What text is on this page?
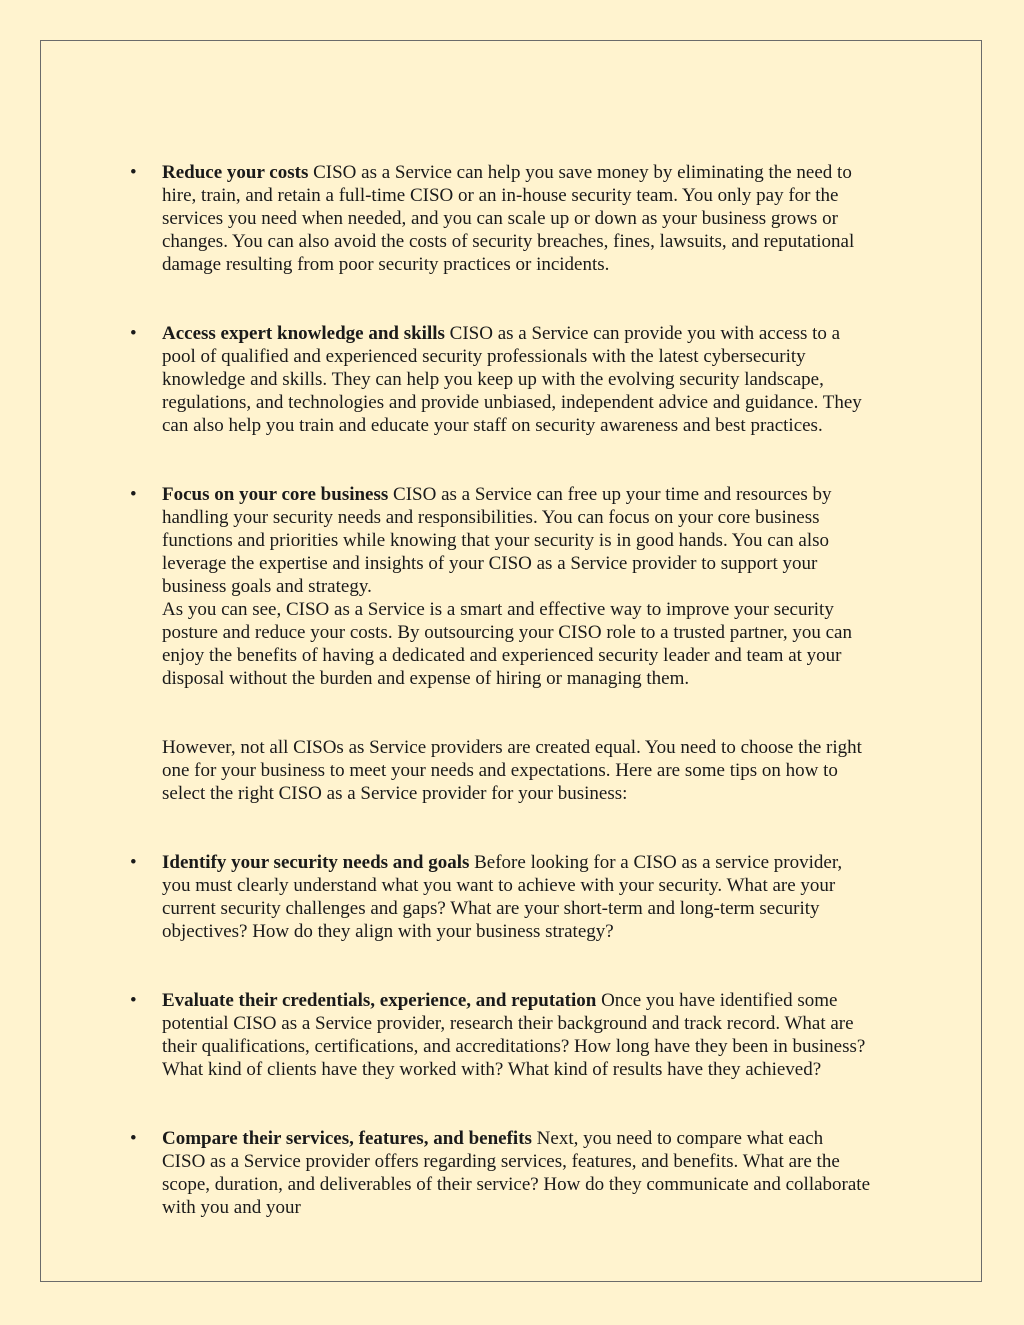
• Reduce your costs CISO as a Service can help you save money by eliminating the need to hire, train, and retain a full-time CISO or an in-house security team. You only pay for the services you need when needed, and you can scale up or down as your business grows or changes. You can also avoid the costs of security breaches, fines, lawsuits, and reputational damage resulting from poor security practices or incidents.

• Access expert knowledge and skills CISO as a Service can provide you with access to a pool of qualified and experienced security professionals with the latest cybersecurity knowledge and skills. They can help you keep up with the evolving security landscape, regulations, and technologies and provide unbiased, independent advice and guidance. They can also help you train and educate your staff on security awareness and best practices.

• Focus on your core business CISO as a Service can free up your time and resources by handling your security needs and responsibilities. You can focus on your core business functions and priorities while knowing that your security is in good hands. You can also leverage the expertise and insights of your CISO as a Service provider to support your business goals and strategy.
As you can see, CISO as a Service is a smart and effective way to improve your security posture and reduce your costs. By outsourcing your CISO role to a trusted partner, you can enjoy the benefits of having a dedicated and experienced security leader and team at your disposal without the burden and expense of hiring or managing them.

However, not all CISOs as Service providers are created equal. You need to choose the right one for your business to meet your needs and expectations. Here are some tips on how to select the right CISO as a Service provider for your business:

• Identify your security needs and goals Before looking for a CISO as a service provider, you must clearly understand what you want to achieve with your security. What are your current security challenges and gaps? What are your short-term and long-term security objectives? How do they align with your business strategy?

• Evaluate their credentials, experience, and reputation Once you have identified some potential CISO as a Service provider, research their background and track record. What are their qualifications, certifications, and accreditations? How long have they been in business? What kind of clients have they worked with? What kind of results have they achieved?

• Compare their services, features, and benefits Next, you need to compare what each CISO as a Service provider offers regarding services, features, and benefits. What are the scope, duration, and deliverables of their service? How do they communicate and collaborate with you and your
